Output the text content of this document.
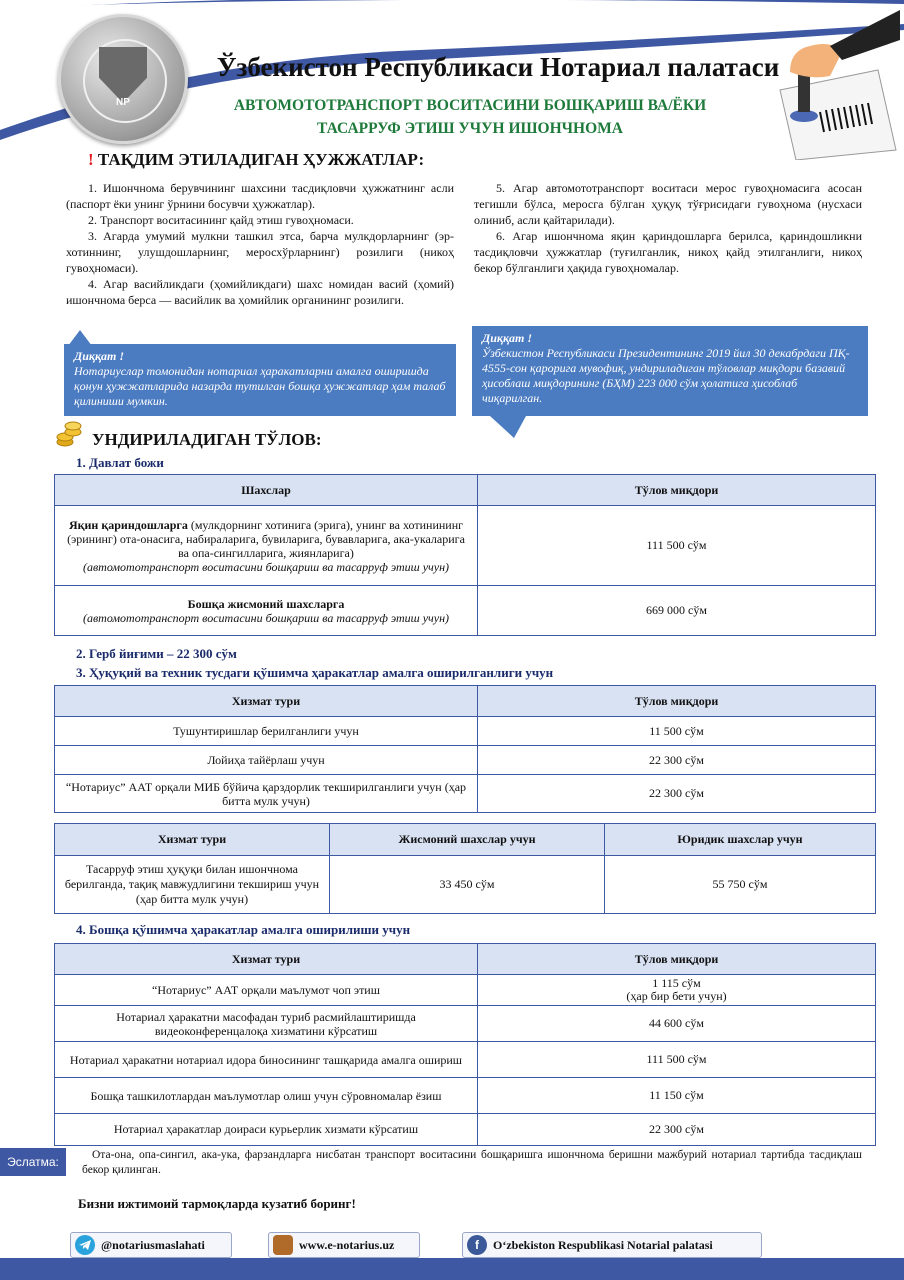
NP
Ўзбекистон Республикаси Нотариал палатаси
АВТОМОТОТРАНСПОРТ ВОСИТАСИНИ БОШҚАРИШ ВА/ЁКИ
ТАСАРРУФ ЭТИШ УЧУН ИШОНЧНОМА
! ТАҚДИМ ЭТИЛАДИГАН ҲУЖЖАТЛАР:

1. Ишончнома берувчининг шахсини тасдиқловчи ҳужжатнинг асли (паспорт ёки унинг ўрнини босувчи ҳужжатлар).

2. Транспорт воситасининг қайд этиш гувоҳномаси.

3. Агарда умумий мулкни ташкил этса, барча мулкдорларнинг (эр-хотиннинг, улушдошларнинг, меросхўрларнинг) розилиги (никоҳ гувоҳномаси).

4. Агар васийликдаги (ҳомийликдаги) шахс номидан васий (ҳомий) ишончнома берса — васийлик ва ҳомийлик органининг розилиги.

5. Агар автомототранспорт воситаси мерос гувоҳномасига асосан тегишли бўлса, меросга бўлган ҳуқуқ тўғрисидаги гувоҳнома (нусхаси олиниб, асли қайтарилади).

6. Агар ишончнома яқин қариндошларга берилса, қариндошликни тасдиқловчи ҳужжатлар (туғилганлик, никоҳ қайд этилганлиги, никоҳ бекор бўлганлиги ҳақида гувоҳномалар.

Диққат !
Нотариуслар томонидан нотариал ҳаракатларни амалга оширишда қонун ҳужжатларида назарда тутилган бошқа ҳужжатлар ҳам талаб қилиниши мумкин.
Диққат !
Ўзбекистон Республикаси Президентининг 2019 йил 30 декабрдаги ПҚ- 4555-сон қарорига мувофиқ, ундириладиган тўловлар миқдори базавий ҳисоблаш миқдорининг (БҲМ) 223 000 сўм ҳолатига ҳисоблаб чиқарилган.
УНДИРИЛАДИГАН ТЎЛОВ:
1. Давлат божи
Шахслар	Тўлов миқдори
Яқин қариндошларга (мулкдорнинг хотинига (эрига), унинг ва хотинининг (эрининг) ота-онасига, набираларига, бувиларига, бувавларига, ака-укаларига ва опа-сингилларига, жиянларига)
(автомототранспорт воситасини бошқариш ва тасарруф этиш учун)	111 500 сўм
Бошқа жисмоний шахсларга
(автомототранспорт воситасини бошқариш ва тасарруф этиш учун)	669 000 сўм
2. Герб йиғими – 22 300 сўм
3. Ҳуқуқий ва техник тусдаги қўшимча ҳаракатлар амалга оширилганлиги учун
Хизмат тури	Тўлов миқдори
Тушунтиришлар берилганлиги учун	11 500 сўм
Лойиҳа тайёрлаш учун	22 300 сўм
“Нотариус” ААТ орқали МИБ бўйича қарздорлик текширилганлиги учун (ҳар битта мулк учун)	22 300 сўм
Хизмат тури	Жисмоний шахслар учун	Юридик шахслар учун
Тасарруф этиш ҳуқуқи билан ишончнома берилганда, тақиқ мавжудлигини текшириш учун (ҳар битта мулк учун)	33 450 сўм	55 750 сўм
4. Бошқа қўшимча ҳаракатлар амалга оширилиши учун
Хизмат тури	Тўлов миқдори
“Нотариус” ААТ орқали маълумот чоп этиш	1 115 сўм
(ҳар бир бети учун)

Нотариал ҳаракатни масофадан туриб расмийлаштиришда видеоконференцалоқа хизматини кўрсатиш	44 600 сўм
Нотариал ҳаракатни нотариал идора биносининг ташқарида амалга ошириш	111 500 сўм
Бошқа ташкилотлардан маълумотлар олиш учун сўровномалар ёзиш	11 150 сўм
Нотариал ҳаракатлар доираси курьерлик хизмати кўрсатиш	22 300 сўм
Эслатма:	Ота-она, опа-сингил, ака-ука, фарзандларга нисбатан транспорт воситасини бошқаришга ишончнома беришни мажбурий нотариал тартибда тасдиқлаш бекор қилинган.
Бизни ижтимоий тармоқларда кузатиб боринг!
@notariusmaslahati	www.e-notarius.uz	f	O‘zbekiston Respublikasi Notarial palatasi
